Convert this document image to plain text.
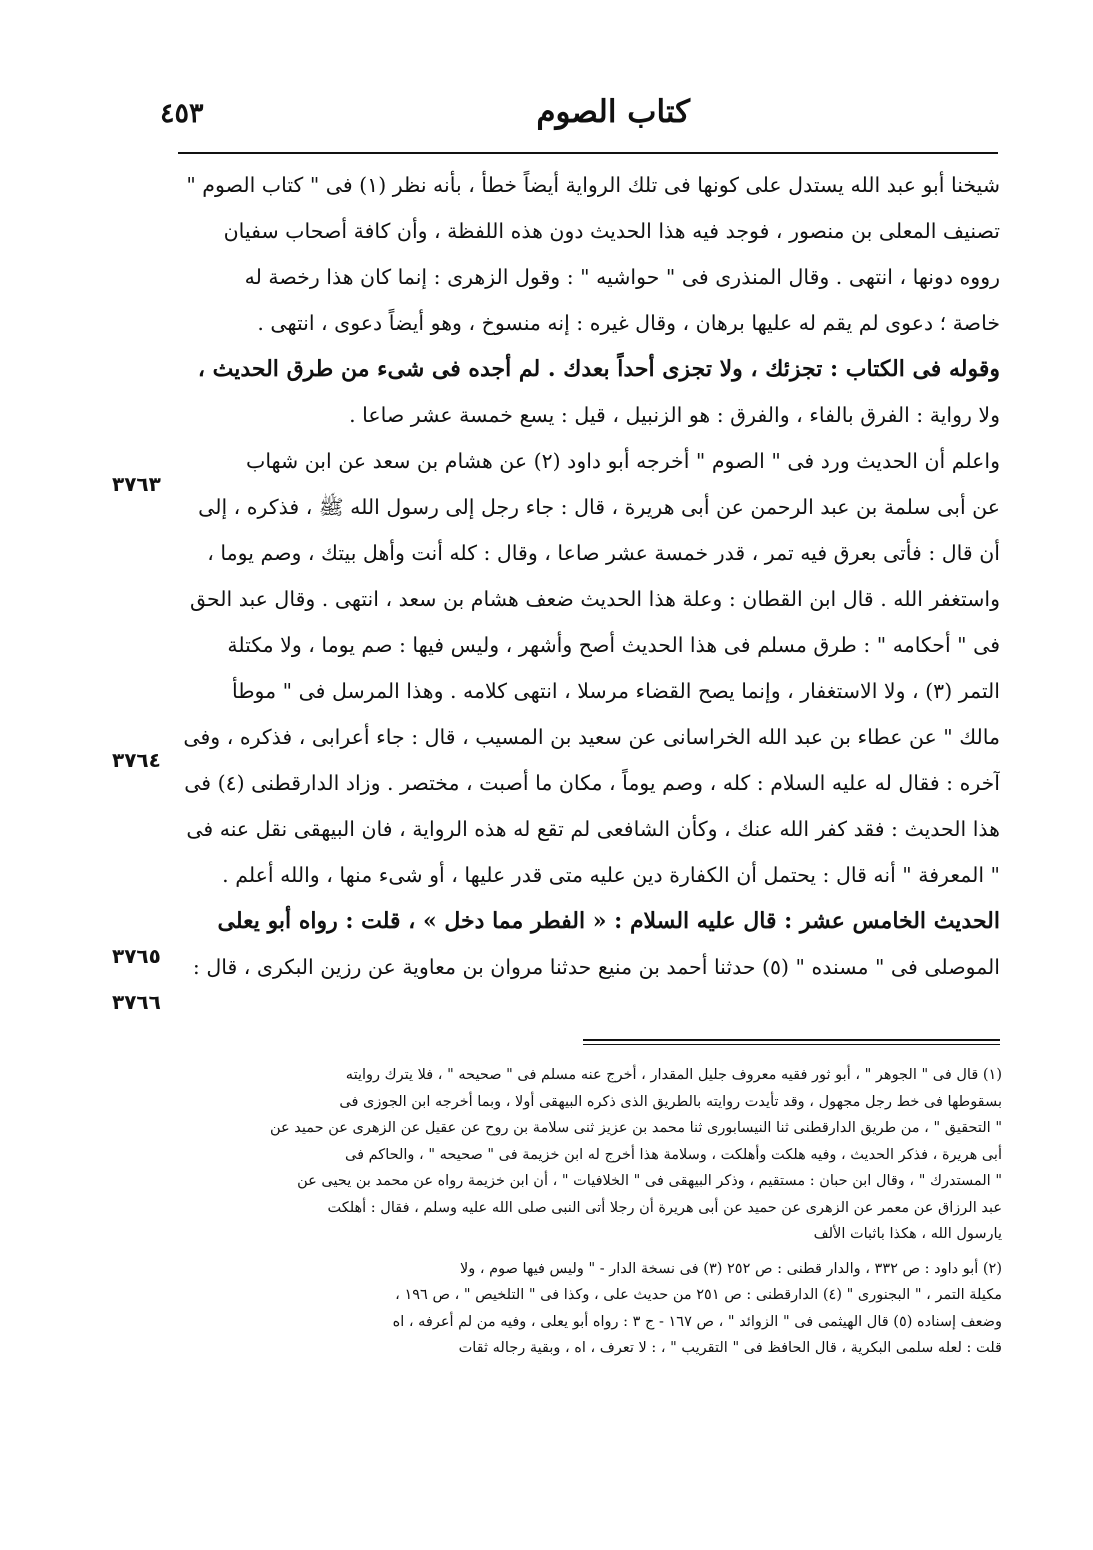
٤٥٣	كتاب الصوم
شيخنا أبو عبد الله يستدل على كونها فى تلك الرواية أيضاً خطأ ، بأنه نظر (١) فى " كتاب الصوم "
تصنيف المعلى بن منصور ، فوجد فيه هذا الحديث دون هذه اللفظة ، وأن كافة أصحاب سفيان
رووه دونها ، انتهى . وقال المنذرى فى " حواشيه " : وقول الزهرى : إنما كان هذا رخصة له
خاصة ؛ دعوى لم يقم له عليها برهان ، وقال غيره : إنه منسوخ ، وهو أيضاً دعوى ، انتهى .
وقوله فى الكتاب : تجزئك ، ولا تجزى أحداً بعدك . لم أجده فى شىء من طرق الحديث ،
ولا رواية : الفرق بالفاء ، والفرق : هو الزنبيل ، قيل : يسع خمسة عشر صاعا .
واعلم أن الحديث ورد فى " الصوم " أخرجه أبو داود (٢) عن هشام بن سعد عن ابن شهاب
عن أبى سلمة بن عبد الرحمن عن أبى هريرة ، قال : جاء رجل إلى رسول الله ﷺ ، فذكره ، إلى
أن قال : فأتى بعرق فيه تمر ، قدر خمسة عشر صاعا ، وقال : كله أنت وأهل بيتك ، وصم يوما ،
واستغفر الله . قال ابن القطان : وعلة هذا الحديث ضعف هشام بن سعد ، انتهى . وقال عبد الحق
فى " أحكامه " : طرق مسلم فى هذا الحديث أصح وأشهر ، وليس فيها : صم يوما ، ولا مكتلة
التمر (٣) ، ولا الاستغفار ، وإنما يصح القضاء مرسلا ، انتهى كلامه . وهذا المرسل فى " موطأ
مالك " عن عطاء بن عبد الله الخراسانى عن سعيد بن المسيب ، قال : جاء أعرابى ، فذكره ، وفى
آخره : فقال له عليه السلام : كله ، وصم يوماً ، مكان ما أصبت ، مختصر . وزاد الدارقطنى (٤) فى
هذا الحديث : فقد كفر الله عنك ، وكأن الشافعى لم تقع له هذه الرواية ، فان البيهقى نقل عنه فى
" المعرفة " أنه قال : يحتمل أن الكفارة دين عليه متى قدر عليها ، أو شىء منها ، والله أعلم .
الحديث الخامس عشر : قال عليه السلام : « الفطر مما دخل » ، قلت : رواه أبو يعلى
الموصلى فى " مسنده " (٥) حدثنا أحمد بن منيع حدثنا مروان بن معاوية عن رزين البكرى ، قال :
٣٧٦٣
٣٧٦٤
٣٧٦٥
٣٧٦٦
(١) قال فى " الجوهر " ، أبو ثور فقيه معروف جليل المقدار ، أخرج عنه مسلم فى " صحيحه " ، فلا يترك روايته
بسقوطها فى خط رجل مجهول ، وقد تأيدت روايته بالطريق الذى ذكره البيهقى أولا ، وبما أخرجه ابن الجوزى فى
" التحقيق " ، من طريق الدارقطنى ثنا النيسابورى ثنا محمد بن عزيز ثنى سلامة بن روح عن عقيل عن الزهرى عن حميد عن
أبى هريرة ، فذكر الحديث ، وفيه هلكت وأهلكت ، وسلامة هذا أخرج له ابن خزيمة فى " صحيحه " ، والحاكم فى
" المستدرك " ، وقال ابن حبان : مستقيم ، وذكر البيهقى فى " الخلافيات " ، أن ابن خزيمة رواه عن محمد بن يحيى عن
عبد الرزاق عن معمر عن الزهرى عن حميد عن أبى هريرة أن رجلا أتى النبى صلى الله عليه وسلم ، فقال : أهلكت
يارسول الله ، هكذا باثبات الألف
(٢) أبو داود : ص ٣٣٢ ، والدار قطنى : ص ٢٥٢ (٣) فى نسخة الدار - " وليس فيها صوم ، ولا
مكيلة التمر ، " البجنورى " (٤) الدارقطنى : ص ٢٥١ من حديث على ، وكذا فى " التلخيص " ، ص ١٩٦ ،
وضعف إسناده (٥) قال الهيثمى فى " الزوائد " ، ص ١٦٧ - ج ٣ : رواه أبو يعلى ، وفيه من لم أعرفه ، اه
قلت : لعله سلمى البكرية ، قال الحافظ فى " التقريب " ، : لا تعرف ، اه ، وبقية رجاله ثقات
